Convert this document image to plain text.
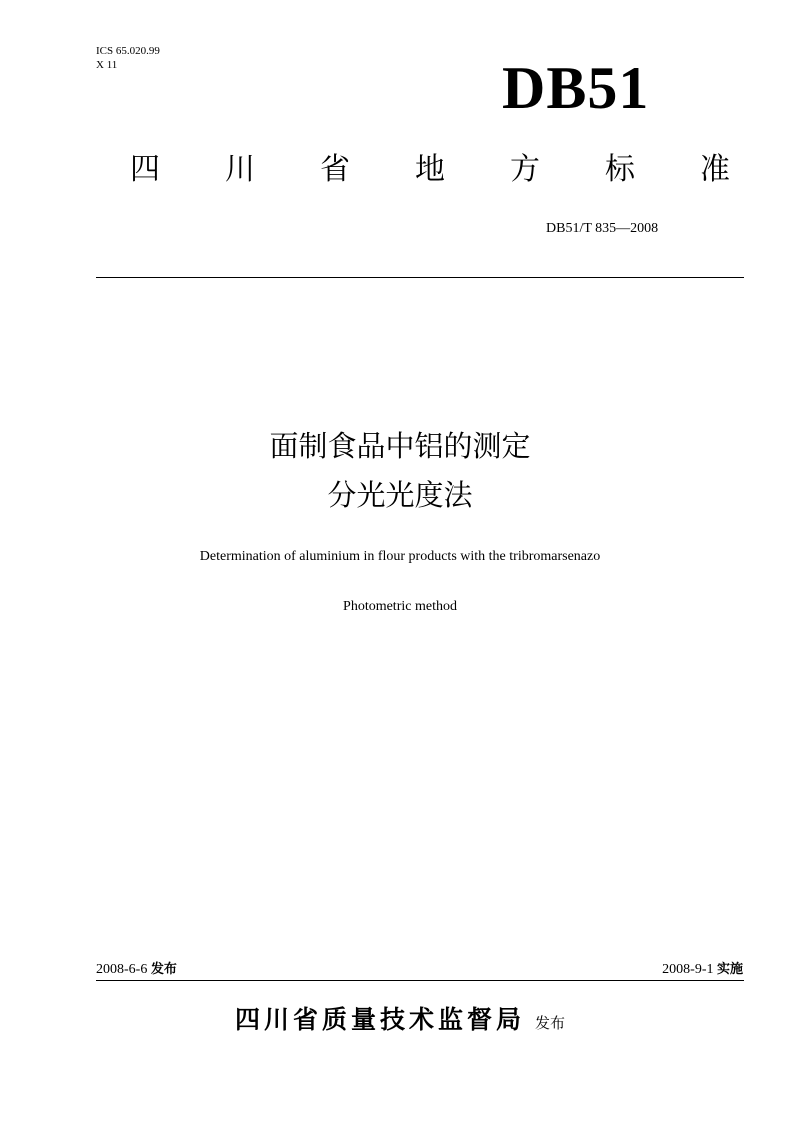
ICS 65.020.99
X 11	DB51
四 川 省 地 方 标 准
DB51/T 835—2008
面制食品中铝的测定
分光光度法
Determination of aluminium in flour products with the tribromarsenazo
Photometric method
2008-6-6 发布	2008-9-1 实施
四川省质量技术监督局 发布
